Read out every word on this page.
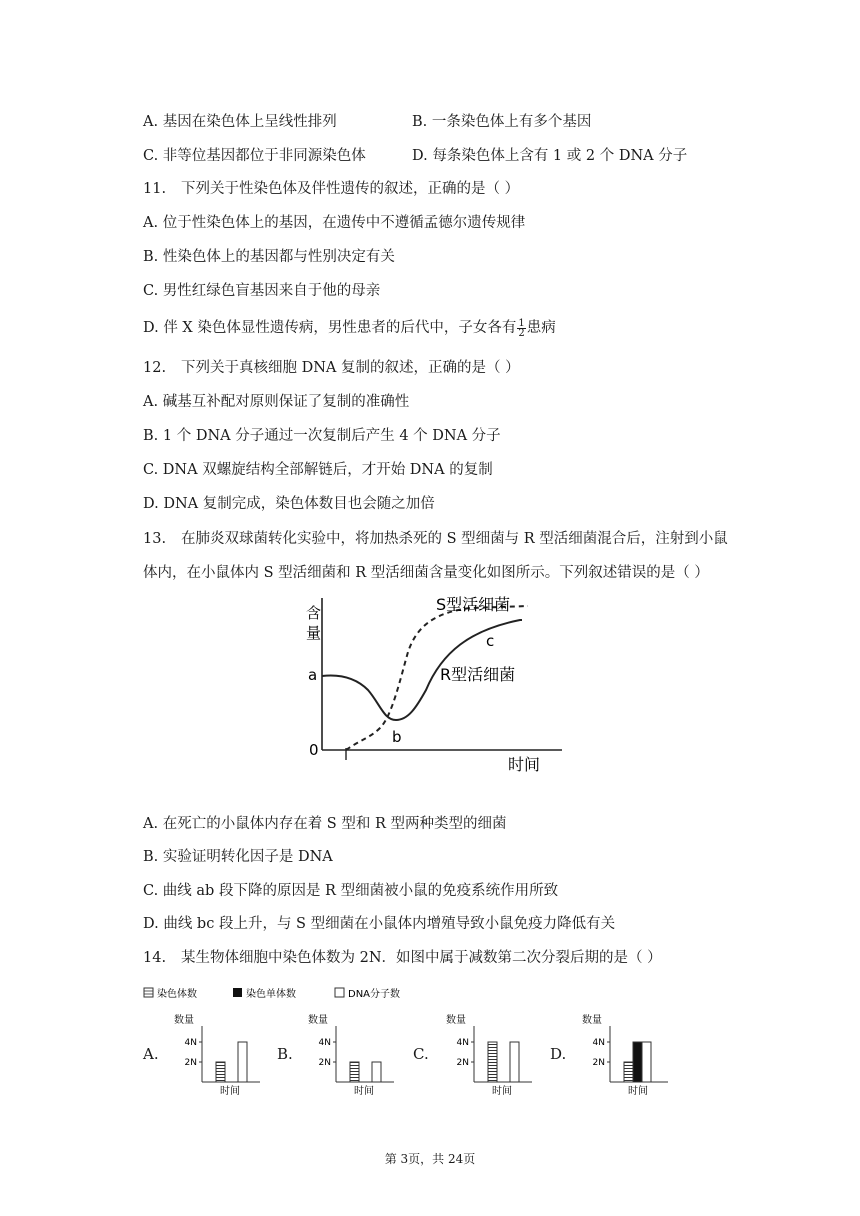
A. 基因在染色体上呈线性排列	B. 一条染色体上有多个基因
C. 非等位基因都位于非同源染色体	D. 每条染色体上含有 1 或 2 个 DNA 分子
11. 下列关于性染色体及伴性遗传的叙述，正确的是（ ）
A. 位于性染色体上的基因，在遗传中不遵循孟德尔遗传规律
B. 性染色体上的基因都与性别决定有关
C. 男性红绿色盲基因来自于他的母亲
D. 伴 X 染色体显性遗传病，男性患者的后代中，子女各有 $\frac{1}{2}$ 患病
12. 下列关于真核细胞 DNA 复制的叙述，正确的是（ ）
A. 碱基互补配对原则保证了复制的准确性
B. 1 个 DNA 分子通过一次复制后产生 4 个 DNA 分子
C. DNA 双螺旋结构全部解链后，才开始 DNA 的复制
D. DNA 复制完成，染色体数目也会随之加倍
13. 在肺炎双球菌转化实验中，将加热杀死的 S 型细菌与 R 型活细菌混合后，注射到小鼠
体内，在小鼠体内 S 型活细菌和 R 型活细菌含量变化如图所示。下列叙述错误的是（ ）
含
量
a
0
b
c
S型活细菌
R型活细菌
时间
A. 在死亡的小鼠体内存在着 S 型和 R 型两种类型的细菌
B. 实验证明转化因子是 DNA
C. 曲线 ab 段下降的原因是 R 型细菌被小鼠的免疫系统作用所致
D. 曲线 bc 段上升，与 S 型细菌在小鼠体内增殖导致小鼠免疫力降低有关
14. 某生物体细胞中染色体数为 2N．如图中属于减数第二次分裂后期的是（ ）
染色体数	染色单体数	DNA分子数
A.	B.	C.	D.
数量
4N
2N
时间
数量
4N
2N
时间
数量
4N
2N
时间
数量
4N
2N
时间
第 3页，共 24页
